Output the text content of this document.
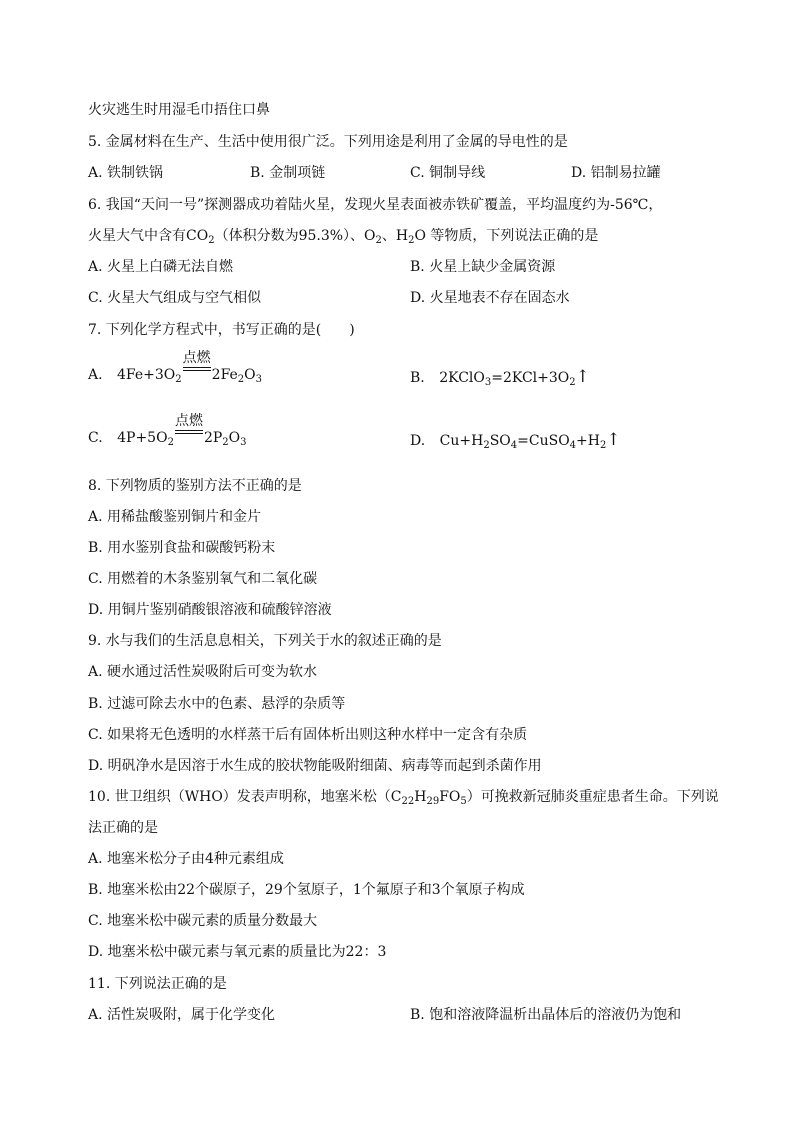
火灾逃生时用湿毛巾捂住口鼻
5. 金属材料在生产、生活中使用很广泛。下列用途是利用了金属的导电性的是
A. 铁制铁锅	B. 金制项链	C. 铜制导线	D. 铝制易拉罐
6. 我国“天问一号”探测器成功着陆火星，发现火星表面被赤铁矿覆盖，平均温度约为-56℃，
火星大气中含有$CO_2$（体积分数为95.3%）、$O_2$、$H_2O$ 等物质，下列说法正确的是
A. 火星上白磷无法自燃	B. 火星上缺少金属资源
C. 火星大气组成与空气相似	D. 火星地表不存在固态水
7. 下列化学方程式中，书写正确的是(　　)
A. $4Fe+3O_2$
点燃
$2Fe_2O_3$	B. $2KClO_3=2KCl+3O_2↑$
C. $4P+5O_2$
点燃
$2P_2O_3$	D. $Cu+H_2SO_4=CuSO_4+H_2↑$
8. 下列物质的鉴别方法不正确的是
A. 用稀盐酸鉴别铜片和金片
B. 用水鉴别食盐和碳酸钙粉末
C. 用燃着的木条鉴别氧气和二氧化碳
D. 用铜片鉴别硝酸银溶液和硫酸锌溶液
9. 水与我们的生活息息相关，下列关于水的叙述正确的是
A. 硬水通过活性炭吸附后可变为软水
B. 过滤可除去水中的色素、悬浮的杂质等
C. 如果将无色透明的水样蒸干后有固体析出则这种水样中一定含有杂质
D. 明矾净水是因溶于水生成的胶状物能吸附细菌、病毒等而起到杀菌作用
10. 世卫组织（WHO）发表声明称，地塞米松$(C_{22}H_{29}FO_5)$可挽救新冠肺炎重症患者生命。下列说
法正确的是
A. 地塞米松分子由4种元素组成
B. 地塞米松由22个碳原子，29个氢原子，1个氟原子和3个氧原子构成
C. 地塞米松中碳元素的质量分数最大
D. 地塞米松中碳元素与氧元素的质量比为22：3
11. 下列说法正确的是
A. 活性炭吸附，属于化学变化	B. 饱和溶液降温析出晶体后的溶液仍为饱和
